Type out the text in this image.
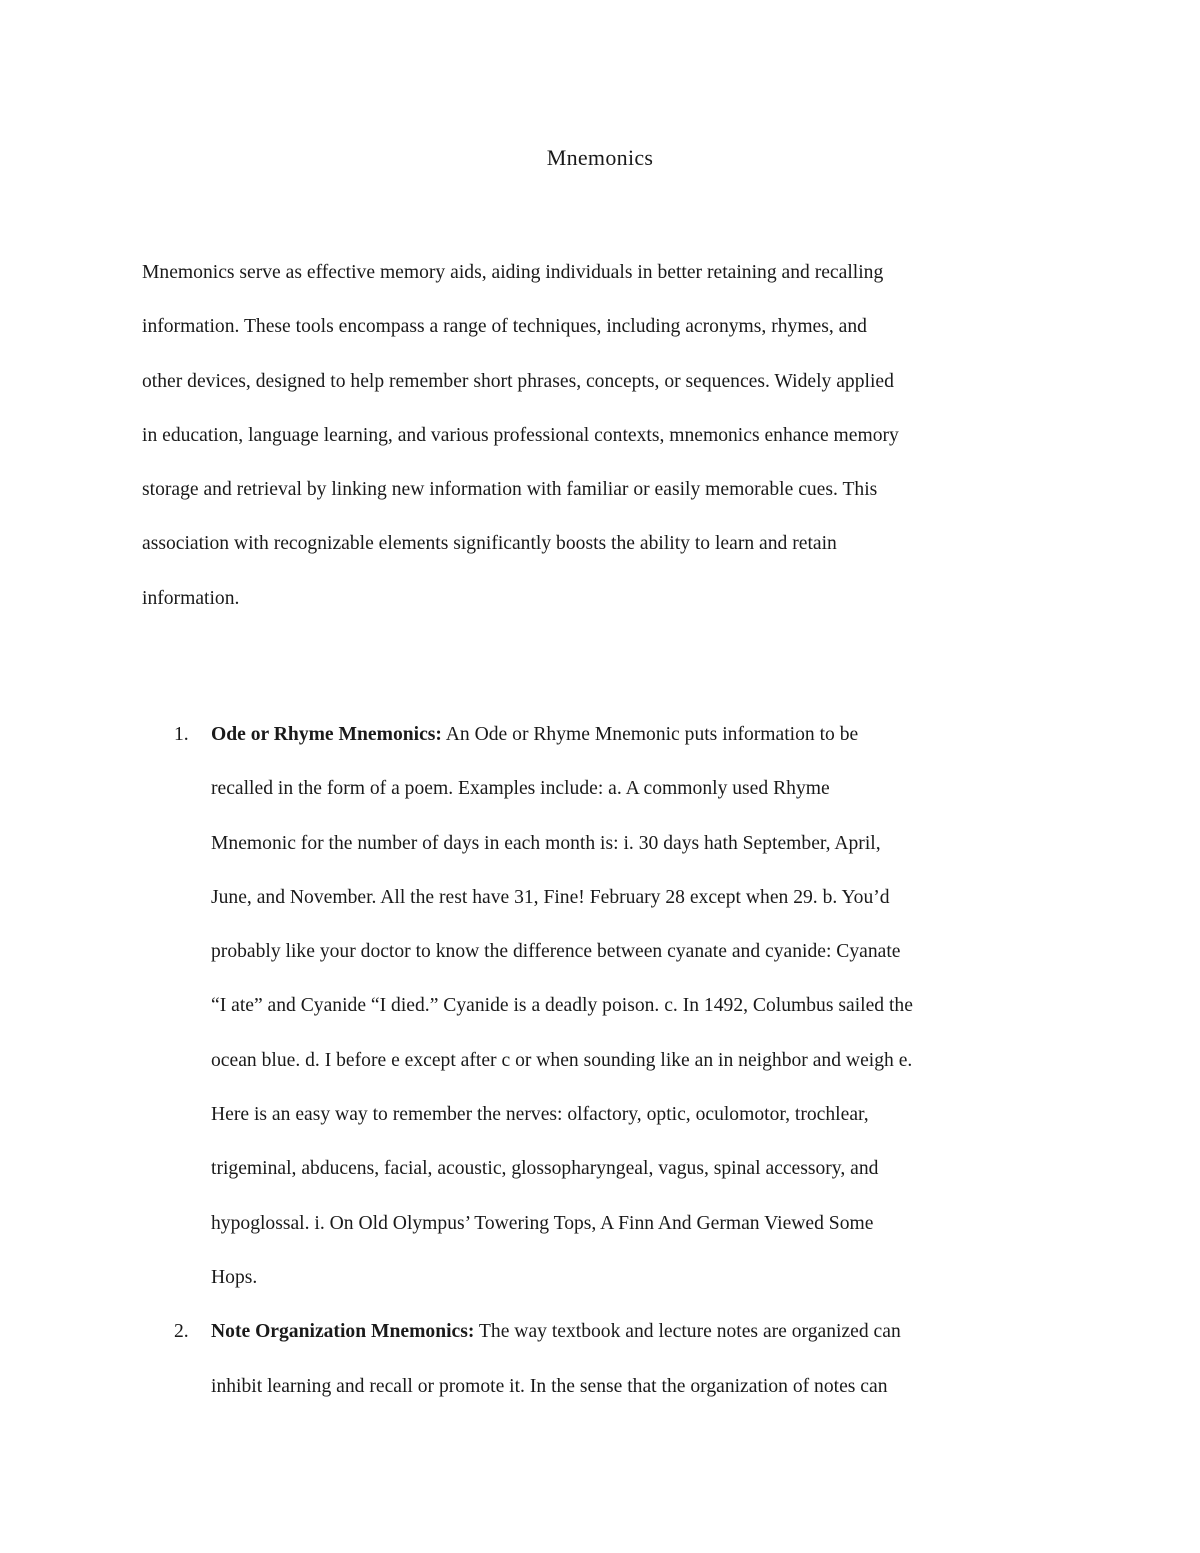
Mnemonics

Mnemonics serve as effective memory aids, aiding individuals in better retaining and recalling
information. These tools encompass a range of techniques, including acronyms, rhymes, and
other devices, designed to help remember short phrases, concepts, or sequences. Widely applied
in education, language learning, and various professional contexts, mnemonics enhance memory
storage and retrieval by linking new information with familiar or easily memorable cues. This
association with recognizable elements significantly boosts the ability to learn and retain
information.

1. Ode or Rhyme Mnemonics: An Ode or Rhyme Mnemonic puts information to be
recalled in the form of a poem. Examples include: a. A commonly used Rhyme
Mnemonic for the number of days in each month is: i. 30 days hath September, April,
June, and November. All the rest have 31, Fine! February 28 except when 29. b. You’d
probably like your doctor to know the difference between cyanate and cyanide: Cyanate
“I ate” and Cyanide “I died.” Cyanide is a deadly poison. c. In 1492, Columbus sailed the
ocean blue. d. I before e except after c or when sounding like an in neighbor and weigh e.
Here is an easy way to remember the nerves: olfactory, optic, oculomotor, trochlear,
trigeminal, abducens, facial, acoustic, glossopharyngeal, vagus, spinal accessory, and
hypoglossal. i. On Old Olympus’ Towering Tops, A Finn And German Viewed Some
Hops.
2. Note Organization Mnemonics: The way textbook and lecture notes are organized can
inhibit learning and recall or promote it. In the sense that the organization of notes can
